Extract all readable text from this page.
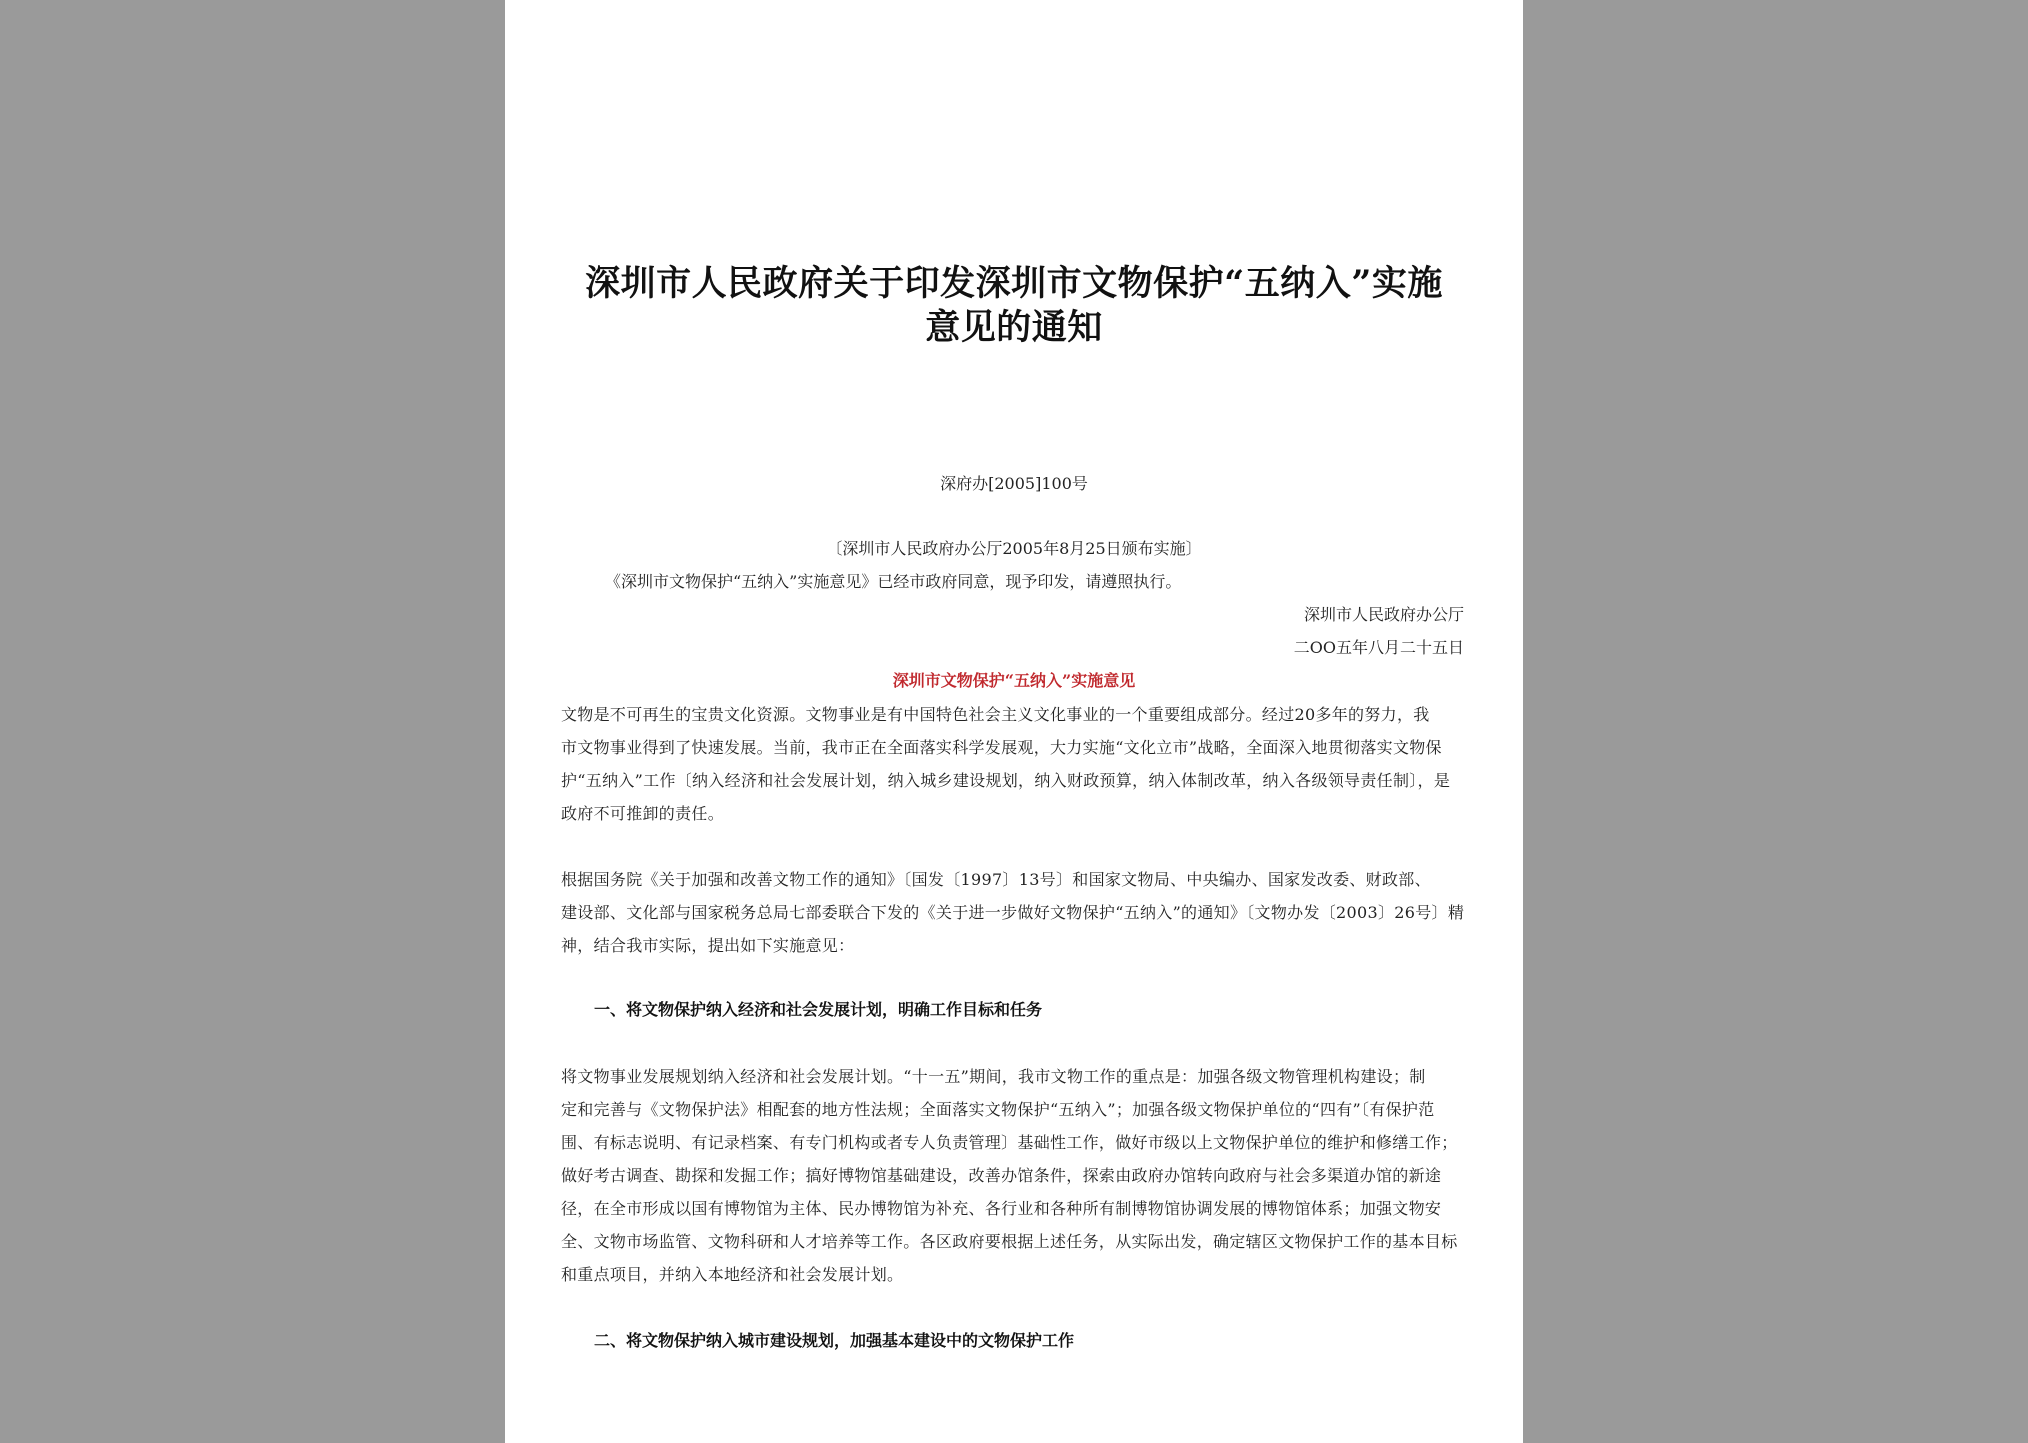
深圳市人民政府关于印发深圳市文物保护“五纳入”实施
意见的通知
深府办[2005]100号
〔深圳市人民政府办公厅2005年8月25日颁布实施〕
《深圳市文物保护“五纳入”实施意见》已经市政府同意，现予印发，请遵照执行。
深圳市人民政府办公厅
二OO五年八月二十五日
深圳市文物保护“五纳入”实施意见
文物是不可再生的宝贵文化资源。文物事业是有中国特色社会主义文化事业的一个重要组成部分。经过20多年的努力，我
市文物事业得到了快速发展。当前，我市正在全面落实科学发展观，大力实施“文化立市”战略，全面深入地贯彻落实文物保
护“五纳入”工作〔纳入经济和社会发展计划，纳入城乡建设规划，纳入财政预算，纳入体制改革，纳入各级领导责任制〕，是
政府不可推卸的责任。
根据国务院《关于加强和改善文物工作的通知》〔国发〔1997〕13号〕和国家文物局、中央编办、国家发改委、财政部、
建设部、文化部与国家税务总局七部委联合下发的《关于进一步做好文物保护“五纳入”的通知》〔文物办发〔2003〕26号〕精
神，结合我市实际，提出如下实施意见：
一、将文物保护纳入经济和社会发展计划，明确工作目标和任务
将文物事业发展规划纳入经济和社会发展计划。“十一五”期间，我市文物工作的重点是：加强各级文物管理机构建设；制
定和完善与《文物保护法》相配套的地方性法规；全面落实文物保护“五纳入”；加强各级文物保护单位的“四有”〔有保护范
围、有标志说明、有记录档案、有专门机构或者专人负责管理〕基础性工作，做好市级以上文物保护单位的维护和修缮工作；
做好考古调查、勘探和发掘工作；搞好博物馆基础建设，改善办馆条件，探索由政府办馆转向政府与社会多渠道办馆的新途
径，在全市形成以国有博物馆为主体、民办博物馆为补充、各行业和各种所有制博物馆协调发展的博物馆体系；加强文物安
全、文物市场监管、文物科研和人才培养等工作。各区政府要根据上述任务，从实际出发，确定辖区文物保护工作的基本目标
和重点项目，并纳入本地经济和社会发展计划。
二、将文物保护纳入城市建设规划，加强基本建设中的文物保护工作
